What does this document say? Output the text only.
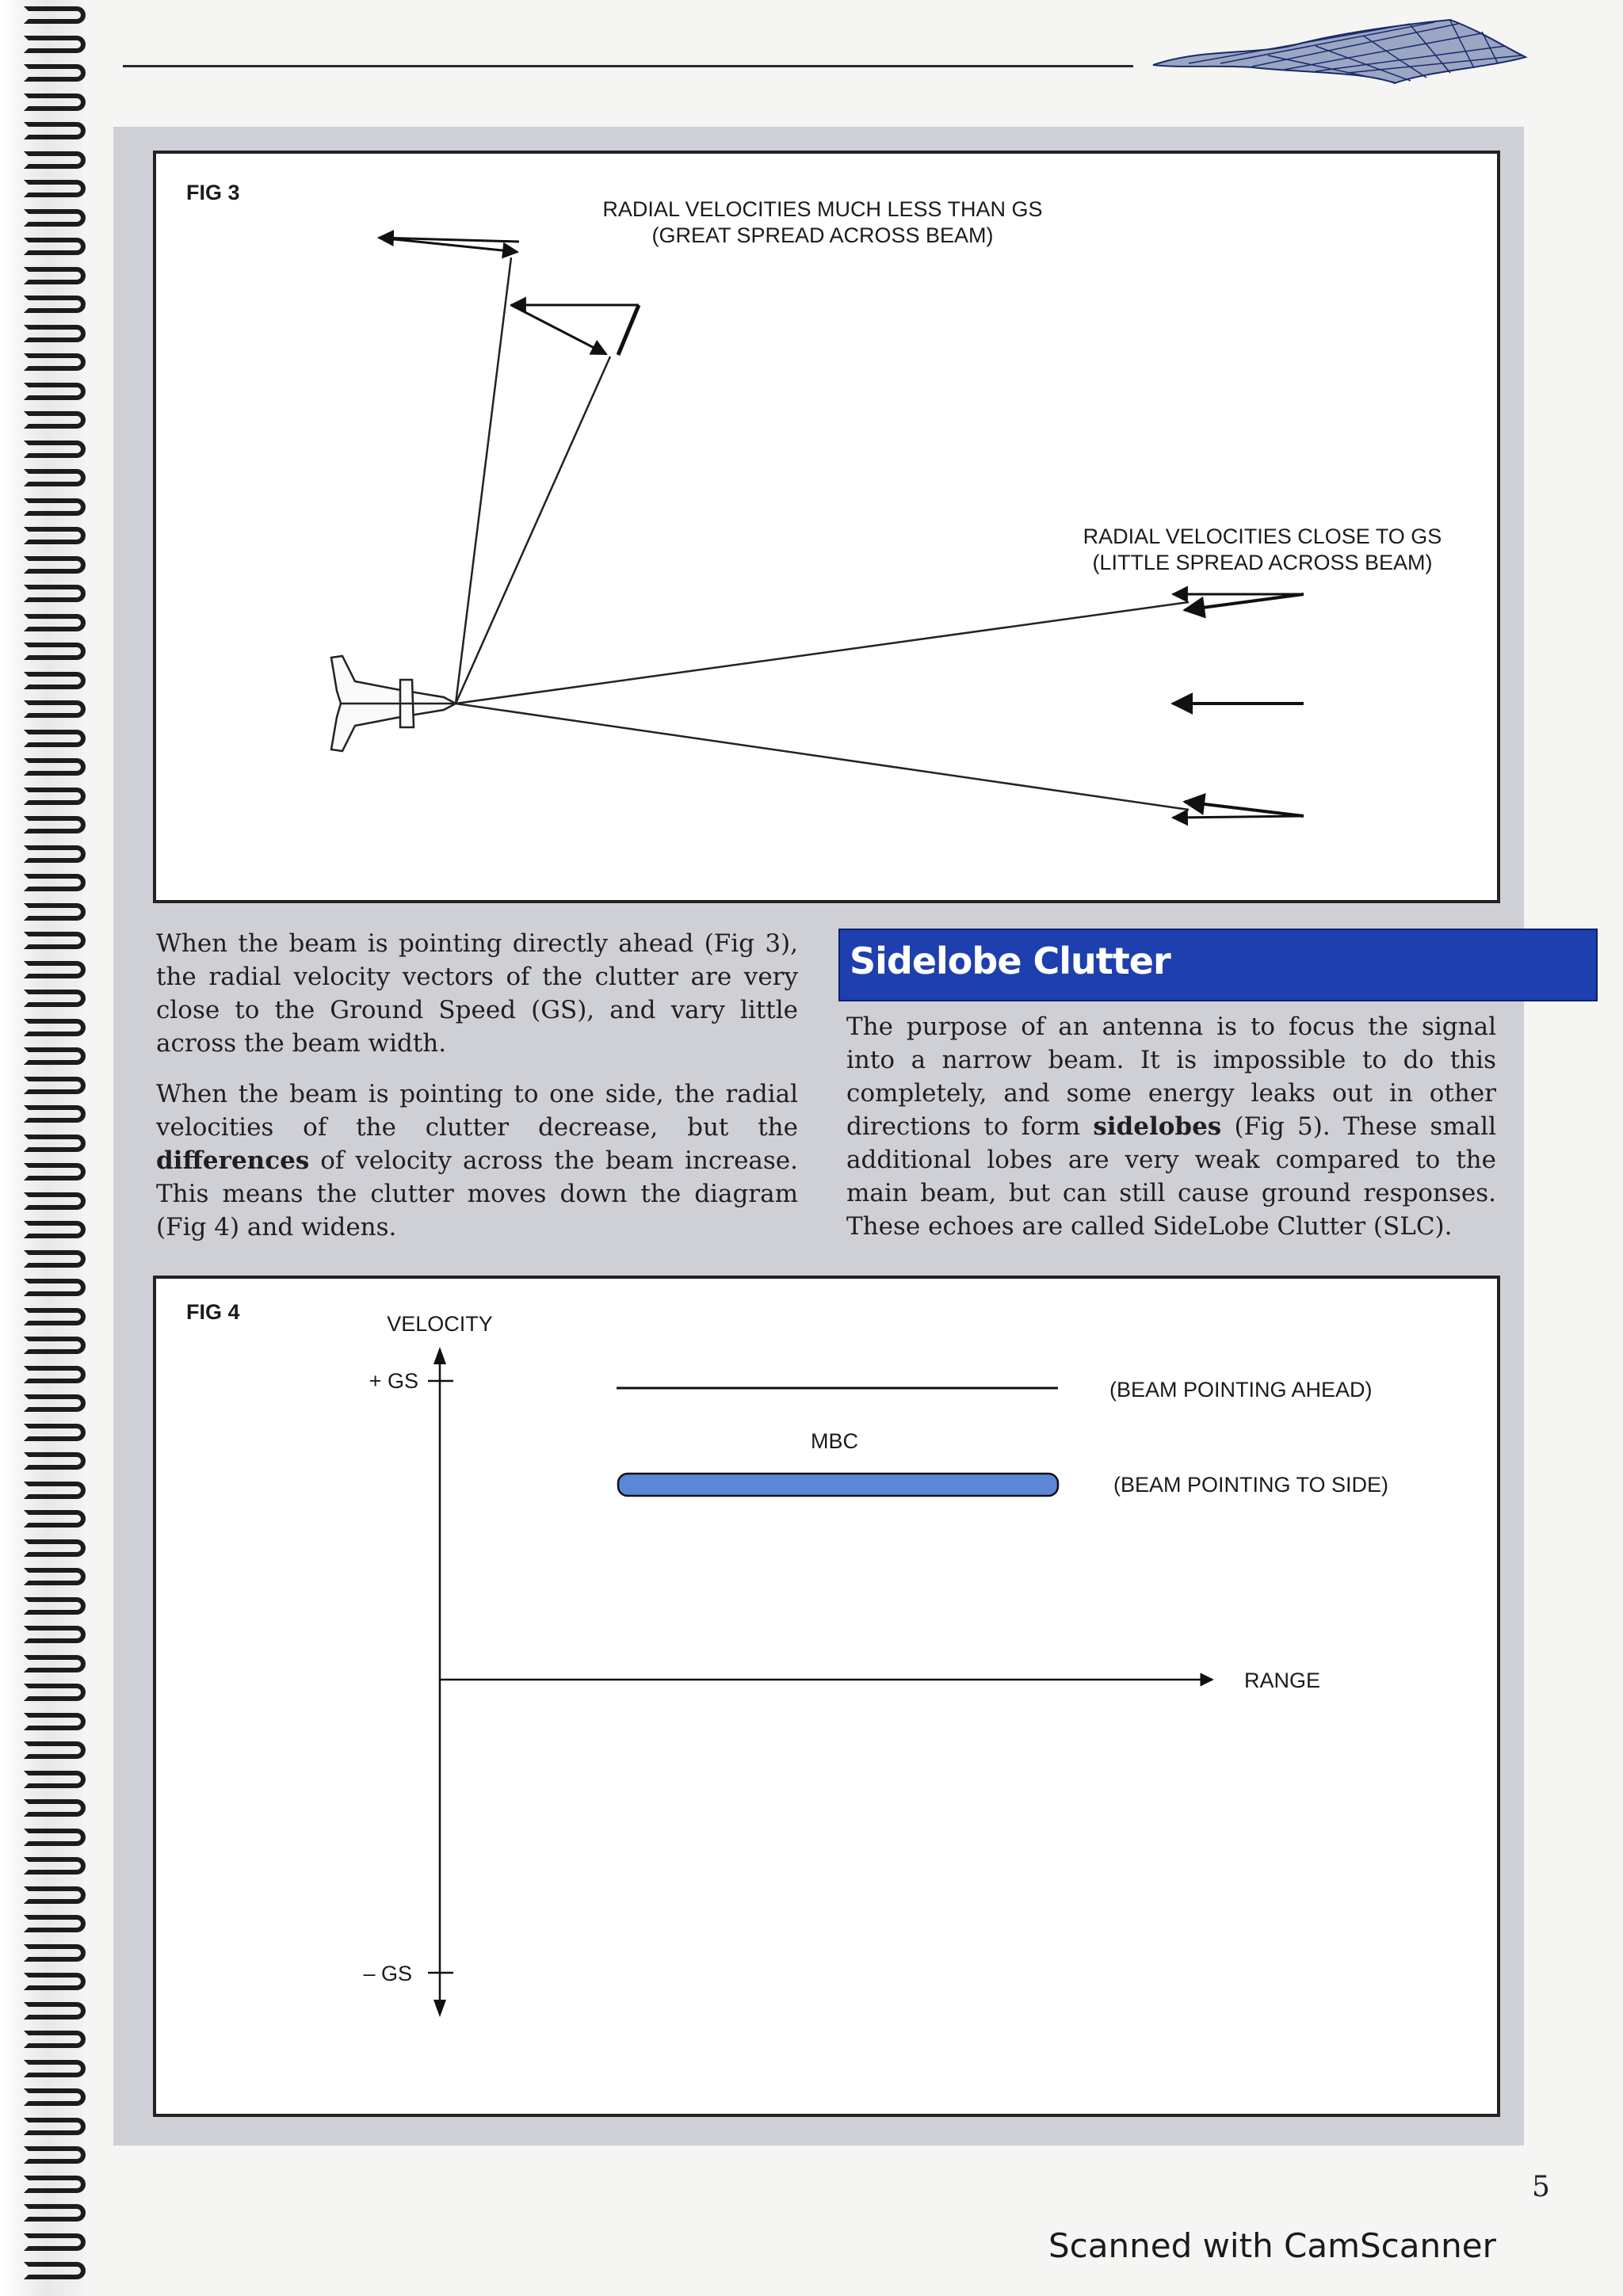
FIG 3
RADIAL VELOCITIES MUCH LESS THAN GS
(GREAT SPREAD ACROSS BEAM)
RADIAL VELOCITIES CLOSE TO GS
(LITTLE SPREAD ACROSS BEAM)

When the beam is pointing directly ahead (Fig 3), the radial velocity vectors of the clutter are very close to the Ground Speed (GS), and vary little across the beam width.

When the beam is pointing to one side, the radial velocities of the clutter decrease, but the differences of velocity across the beam increase. This means the clutter moves down the diagram (Fig 4) and widens.

Sidelobe Clutter

The purpose of an antenna is to focus the signal into a narrow beam. It is impossible to do this completely, and some energy leaks out in other directions to form sidelobes (Fig 5). These small additional lobes are very weak compared to the main beam, but can still cause ground responses. These echoes are called SideLobe Clutter (SLC).

FIG 4	VELOCITY
+ GS
– GS
RANGE
(BEAM POINTING AHEAD)
MBC
(BEAM POINTING TO SIDE)
5
Scanned with CamScanner
